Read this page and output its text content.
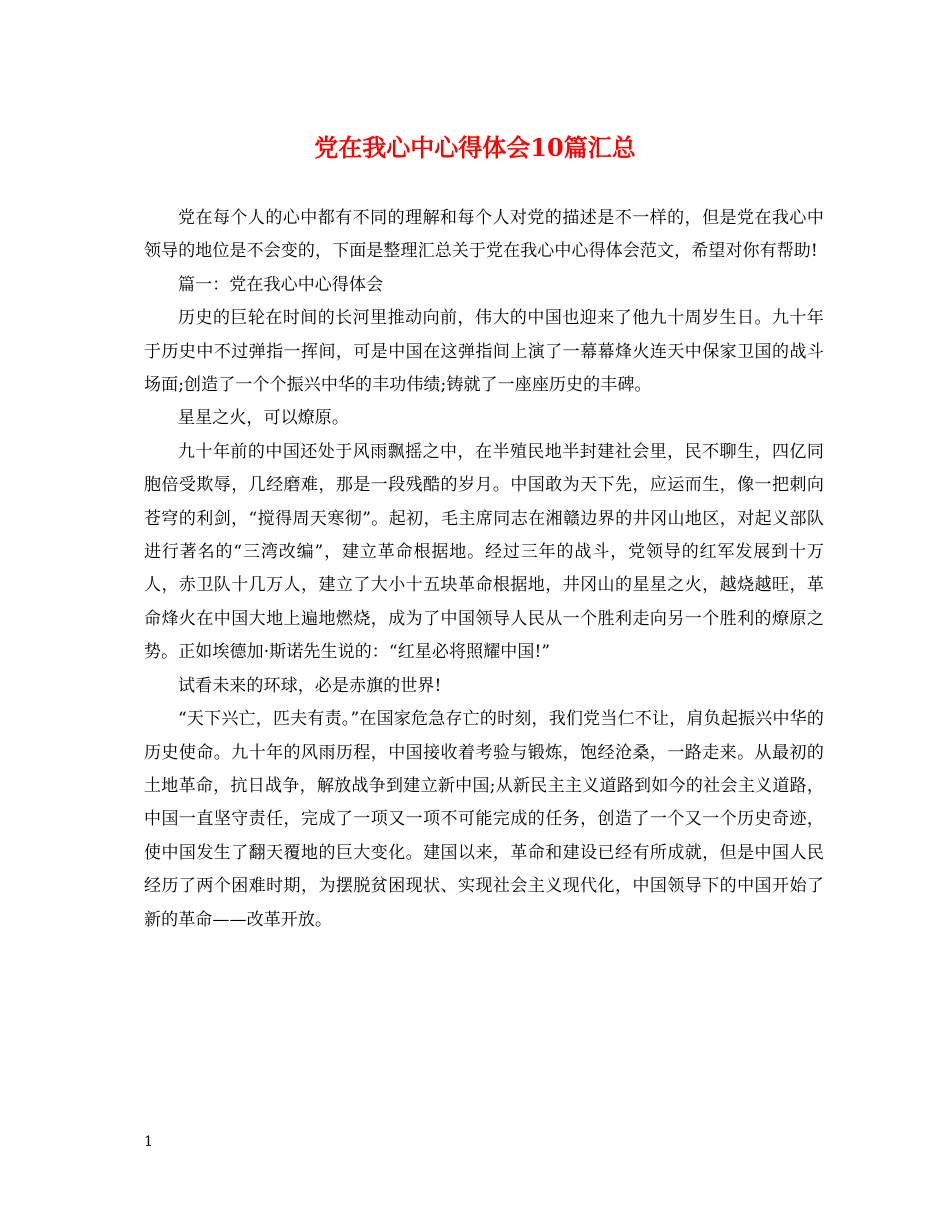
党在我心中心得体会10篇汇总

党在每个人的心中都有不同的理解和每个人对党的描述是不一样的，但是党在我心中领导的地位是不会变的，下面是整理汇总关于党在我心中心得体会范文，希望对你有帮助!

篇一：党在我心中心得体会

历史的巨轮在时间的长河里推动向前，伟大的中国也迎来了他九十周岁生日。九十年于历史中不过弹指一挥间，可是中国在这弹指间上演了一幕幕烽火连天中保家卫国的战斗场面;创造了一个个振兴中华的丰功伟绩;铸就了一座座历史的丰碑。

星星之火，可以燎原。

九十年前的中国还处于风雨飘摇之中，在半殖民地半封建社会里，民不聊生，四亿同胞倍受欺辱，几经磨难，那是一段残酷的岁月。中国敢为天下先，应运而生，像一把刺向苍穹的利剑，“搅得周天寒彻”。起初，毛主席同志在湘赣边界的井冈山地区，对起义部队进行著名的“三湾改编”，建立革命根据地。经过三年的战斗，党领导的红军发展到十万人，赤卫队十几万人，建立了大小十五块革命根据地，井冈山的星星之火，越烧越旺，革命烽火在中国大地上遍地燃烧，成为了中国领导人民从一个胜利走向另一个胜利的燎原之势。正如埃德加·斯诺先生说的：“红星必将照耀中国!”

试看未来的环球，必是赤旗的世界!

“天下兴亡，匹夫有责。”在国家危急存亡的时刻，我们党当仁不让，肩负起振兴中华的历史使命。九十年的风雨历程，中国接收着考验与锻炼，饱经沧桑，一路走来。从最初的土地革命，抗日战争，解放战争到建立新中国;从新民主主义道路到如今的社会主义道路，中国一直坚守责任，完成了一项又一项不可能完成的任务，创造了一个又一个历史奇迹，使中国发生了翻天覆地的巨大变化。建国以来，革命和建设已经有所成就，但是中国人民经历了两个困难时期，为摆脱贫困现状、实现社会主义现代化，中国领导下的中国开始了新的革命——改革开放。

1
